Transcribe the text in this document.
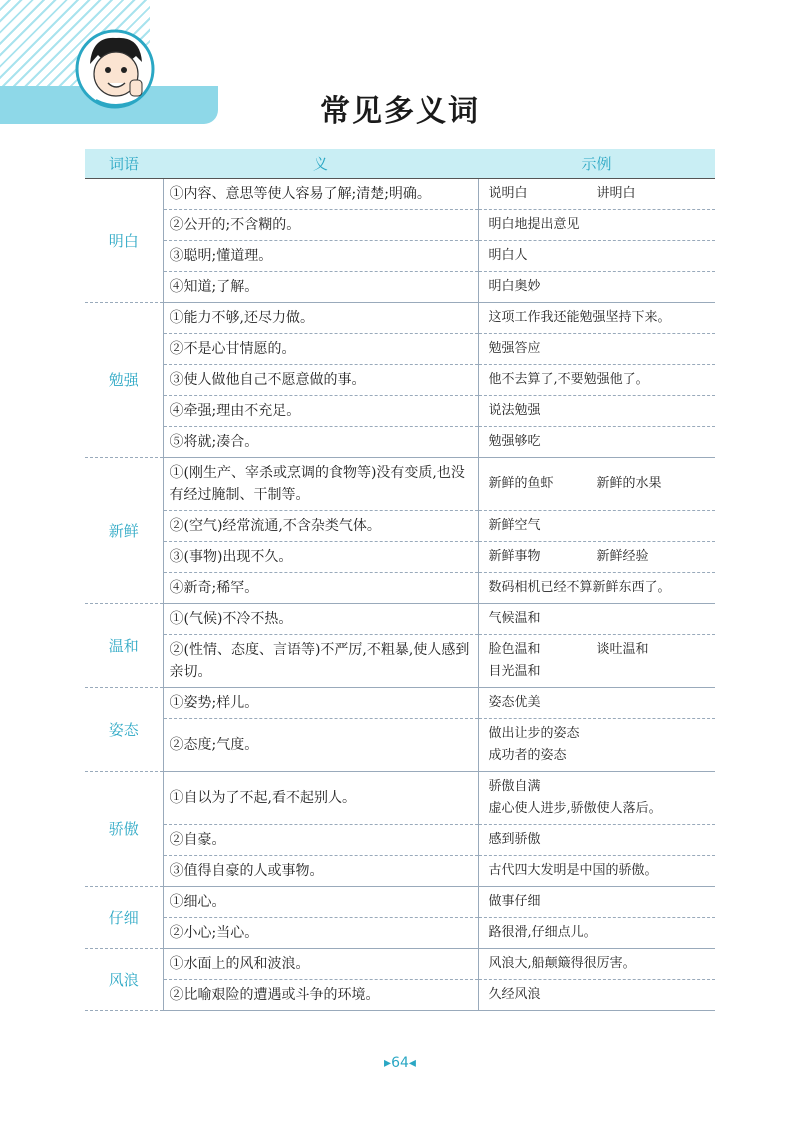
常见多义词
词语	义	示例
明白	①内容、意思等使人容易了解;清楚;明确。	说明白 讲明白

	②公开的;不含糊的。	明白地提出意见

	③聪明;懂道理。	明白人

	④知道;了解。	明白奥妙

勉强	①能力不够,还尽力做。	这项工作我还能勉强坚持下来。

	②不是心甘情愿的。	勉强答应

	③使人做他自己不愿意做的事。	他不去算了,不要勉强他了。

	④牵强;理由不充足。	说法勉强

	⑤将就;凑合。	勉强够吃

新鲜	①(刚生产、宰杀或烹调的食物等)没有变质,也没有经过腌制、干制等。	新鲜的鱼虾 新鲜的水果

	②(空气)经常流通,不含杂类气体。	新鲜空气

	③(事物)出现不久。	新鲜事物 新鲜经验

	④新奇;稀罕。	数码相机已经不算新鲜东西了。

温和	①(气候)不冷不热。	气候温和

	②(性情、态度、言语等)不严厉,不粗暴,使人感到亲切。	脸色温和 谈吐温和
目光温和

姿态	①姿势;样儿。	姿态优美

	②态度;气度。	做出让步的姿态
成功者的姿态

骄傲	①自以为了不起,看不起别人。	骄傲自满
虚心使人进步,骄傲使人落后。

	②自豪。	感到骄傲

	③值得自豪的人或事物。	古代四大发明是中国的骄傲。

仔细	①细心。	做事仔细

	②小心;当心。	路很滑,仔细点儿。

风浪	①水面上的风和波浪。	风浪大,船颠簸得很厉害。

	②比喻艰险的遭遇或斗争的环境。	久经风浪
▸64◂
